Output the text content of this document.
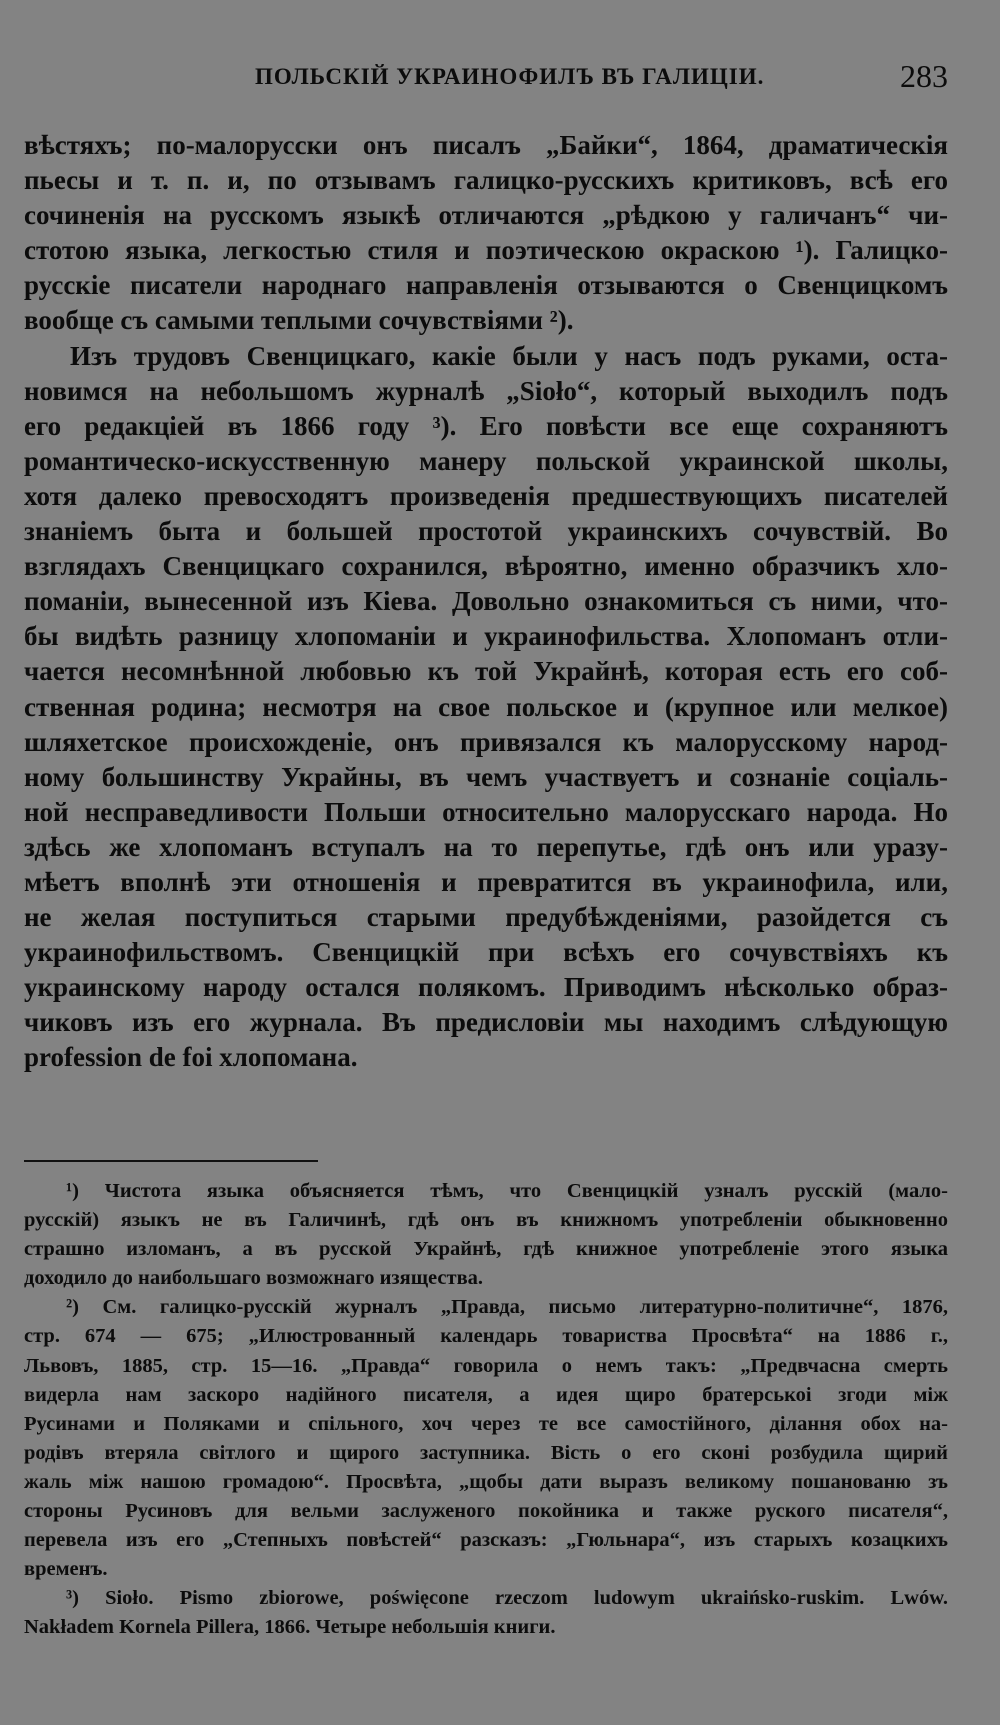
ПОЛЬСКІЙ УКРАИНОФИЛЪ ВЪ ГАЛИЦІИ.	283
вѣстяхъ; по-малорусски онъ писалъ „Байки“, 1864, драматическія
пьесы и т. п. и, по отзывамъ галицко-русскихъ критиковъ, всѣ его
сочиненія на русскомъ языкѣ отличаются „рѣдкою у галичанъ“ чи-
стотою языка, легкостью стиля и поэтическою окраскою ¹). Галицко-
русскіе писатели народнаго направленія отзываются о Свенцицкомъ
вообще съ самыми теплыми сочувствіями ²).
Изъ трудовъ Свенцицкаго, какіе были у насъ подъ руками, оста-
новимся на небольшомъ журналѣ „Sioło“, который выходилъ подъ
его редакціей въ 1866 году ³). Его повѣсти все еще сохраняютъ
романтическо-искусственную манеру польской украинской школы,
хотя далеко превосходятъ произведенія предшествующихъ писателей
знаніемъ быта и большей простотой украинскихъ сочувствій. Во
взглядахъ Свенцицкаго сохранился, вѣроятно, именно образчикъ хло-
поманіи, вынесенной изъ Кіева. Довольно ознакомиться съ ними, что-
бы видѣть разницу хлопоманіи и украинофильства. Хлопоманъ отли-
чается несомнѣнной любовью къ той Украйнѣ, которая есть его соб-
ственная родина; несмотря на свое польское и (крупное или мелкое)
шляхетское происхожденіе, онъ привязался къ малорусскому народ-
ному большинству Украйны, въ чемъ участвуетъ и сознаніе соціаль-
ной несправедливости Польши относительно малорусскаго народа. Но
здѣсь же хлопоманъ вступалъ на то перепутье, гдѣ онъ или уразу-
мѣетъ вполнѣ эти отношенія и превратится въ украинофила, или,
не желая поступиться старыми предубѣжденіями, разойдется съ
украинофильствомъ. Свенцицкій при всѣхъ его сочувствіяхъ къ
украинскому народу остался полякомъ. Приводимъ нѣсколько образ-
чиковъ изъ его журнала. Въ предисловіи мы находимъ слѣдующую
profession de foi хлопомана.
¹) Чистота языка объясняется тѣмъ, что Свенцицкій узналъ русскій (мало-
русскій) языкъ не въ Галичинѣ, гдѣ онъ въ книжномъ употребленіи обыкновенно
страшно изломанъ, а въ русской Украйнѣ, гдѣ книжное употребленіе этого языка
доходило до наибольшаго возможнаго изящества.
²) См. галицко-русскій журналъ „Правда, письмо литературно-политичне“, 1876,
стр. 674 — 675; „Илюстрованный календарь товариства Просвѣта“ на 1886 г.,
Львовъ, 1885, стр. 15—16. „Правда“ говорила о немъ такъ: „Предвчасна смерть
видерла нам заскоро надійного писателя, а идея щиро братерськоі згоди між
Русинами и Поляками и спільного, хоч через те все самостійного, ділання обох на-
родівъ втеряла світлого и щирого заступника. Вість о его сконі розбудила щирий
жаль між нашою громадою“. Просвѣта, „щобы дати выразъ великому пошанованю зъ
стороны Русиновъ для вельми заслуженого покойника и также руского писателя“,
перевела изъ его „Степныхъ повѣстей“ разсказъ: „Гюльнара“, изъ старыхъ козацкихъ
временъ.
³) Sioło. Pismo zbiorowe, poświęcone rzeczom ludowym ukraińsko-ruskim. Lwów.
Nakładem Kornela Pillera, 1866. Четыре небольшія книги.
